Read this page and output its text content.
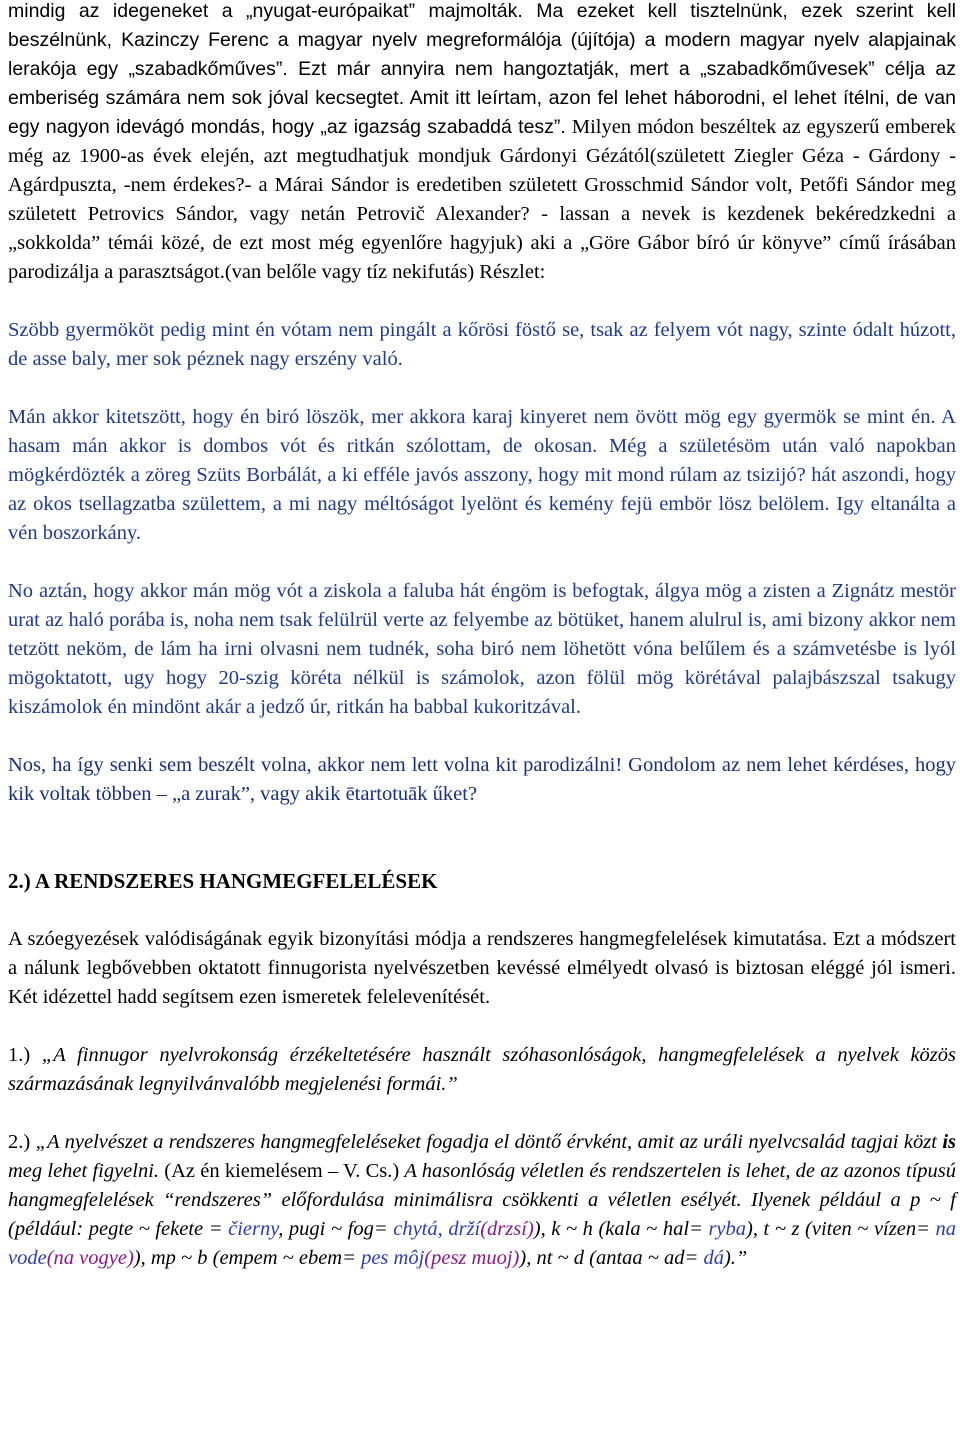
mindig az idegeneket a „nyugat-európaikat” majmolták. Ma ezeket kell tisztelnünk, ezek szerint kell beszélnünk, Kazinczy Ferenc a magyar nyelv megreformálója (újítója) a modern magyar nyelv alapjainak lerakója egy „szabadkőműves”. Ezt már annyira nem hangoztatják, mert a „szabadkőművesek” célja az emberiség számára nem sok jóval kecsegtet. Amit itt leírtam, azon fel lehet háborodni, el lehet ítélni, de van egy nagyon idevágó mondás, hogy „az igazság szabaddá tesz”. Milyen módon beszéltek az egyszerű emberek még az 1900-as évek elején, azt megtudhatjuk mondjuk Gárdonyi Gézától(született Ziegler Géza - Gárdony - Agárdpuszta, -nem érdekes?- a Márai Sándor is eredetiben született Grosschmid Sándor volt, Petőfi Sándor meg született Petrovics Sándor, vagy netán Petrovič Alexander? - lassan a nevek is kezdenek bekéredzkedni a „sokkolda” témái közé, de ezt most még egyenlőre hagyjuk) aki a „Göre Gábor bíró úr könyve” című írásában parodizálja a parasztságot.(van belőle vagy tíz nekifutás) Részlet:

Szöbb gyermököt pedig mint én vótam nem pingált a kőrösi föstő se, tsak az felyem vót nagy, szinte ódalt húzott, de asse baly, mer sok péznek nagy erszény való.

Mán akkor kitetszött, hogy én biró löszök, mer akkora karaj kinyeret nem övött mög egy gyermök se mint én. A hasam mán akkor is dombos vót és ritkán szólottam, de okosan. Még a születésöm után való napokban mögkérdözték a zöreg Szüts Borbálát, a ki efféle javós asszony, hogy mit mond rúlam az tsizijó? hát aszondi, hogy az okos tsellagzatba születtem, a mi nagy méltóságot lyelönt és kemény fejü embör lösz belölem. Igy eltanálta a vén boszorkány.

No aztán, hogy akkor mán mög vót a ziskola a faluba hát éngöm is befogtak, álgya mög a zisten a Zignátz mestör urat az haló porába is, noha nem tsak felülrül verte az felyembe az bötüket, hanem alulrul is, ami bizony akkor nem tetzött neköm, de lám ha irni olvasni nem tudnék, soha biró nem löhetött vóna belűlem és a számvetésbe is lyól mögoktatott, ugy hogy 20-szig köréta nélkül is számolok, azon fölül mög körétával palajbászszal tsakugy kiszámolok én mindönt akár a jedző úr, ritkán ha babbal kukoritzával.

Nos, ha így senki sem beszélt volna, akkor nem lett volna kit parodizálni! Gondolom az nem lehet kérdéses, hogy kik voltak többen – „a zurak”, vagy akik ētartotuāk űket?

2.) A RENDSZERES HANGMEGFELELÉSEK

A szóegyezések valódiságának egyik bizonyítási módja a rendszeres hangmegfelelések kimutatása. Ezt a módszert a nálunk legbővebben oktatott finnugorista nyelvészetben kevéssé elmélyedt olvasó is biztosan eléggé jól ismeri. Két idézettel hadd segítsem ezen ismeretek felelevenítését.

1.) „A finnugor nyelvrokonság érzékeltetésére használt szóhasonlóságok, hangmegfelelések a nyelvek közös származásának legnyilvánvalóbb megjelenési formái.”

2.) „A nyelvészet a rendszeres hangmegfeleléseket fogadja el döntő érvként, amit az uráli nyelvcsalád tagjai közt is meg lehet figyelni. (Az én kiemelésem – V. Cs.) A hasonlóság véletlen és rendszertelen is lehet, de az azonos típusú hangmegfelelések “rendszeres” előfordulása minimálisra csökkenti a véletlen esélyét. Ilyenek például a p ~ f (például: pegte ~ fekete = čierny, pugi ~ fog= chytá, drží(drzsí)), k ~ h (kala ~ hal= ryba), t ~ z (viten ~ vízen= na vode(na vogye)), mp ~ b (empem ~ ebem= pes môj(pesz muoj)), nt ~ d (antaa ~ ad= dá).”
